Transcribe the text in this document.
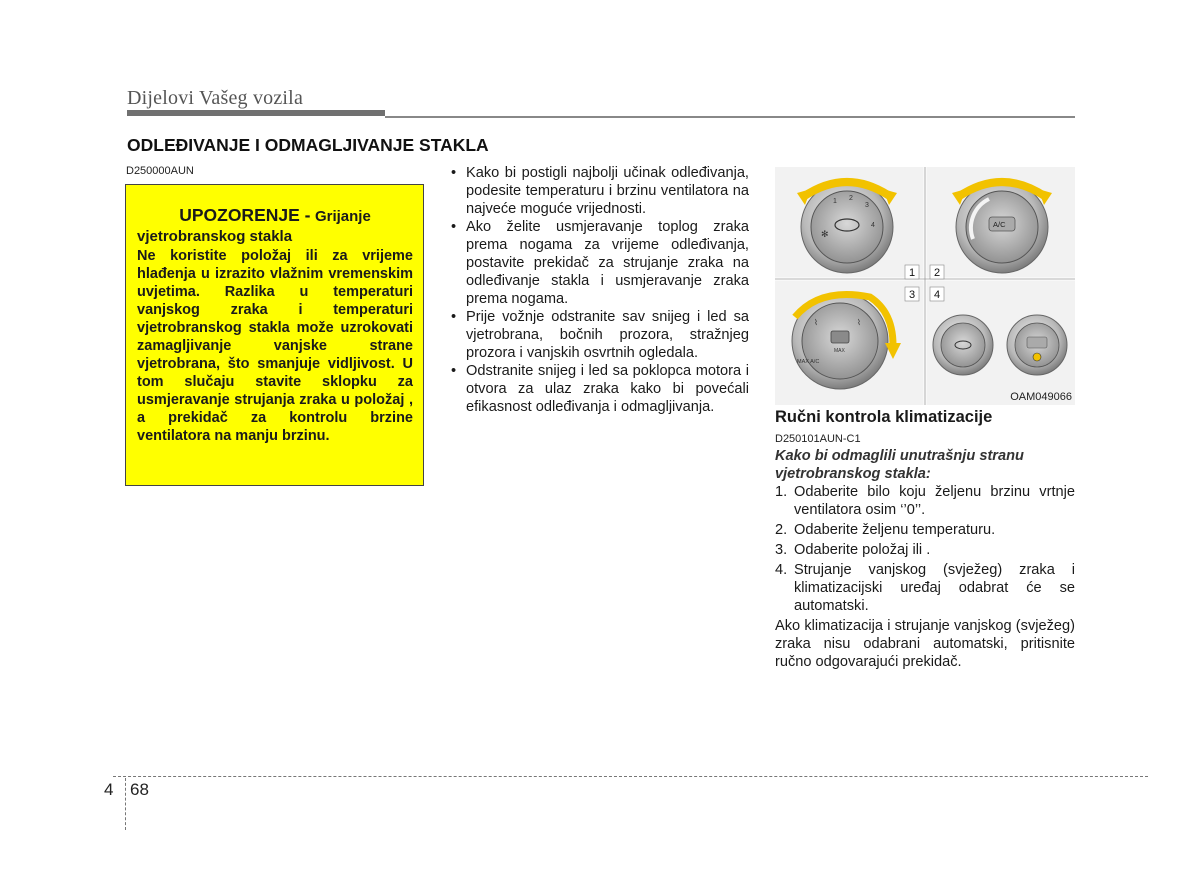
Dijelovi Vašeg vozila
ODLEĐIVANJE I ODMAGLJIVANJE STAKLA
D250000AUN
UPOZORENJE - Grijanje
vjetrobranskog stakla

Ne koristite položaj ili za vrijeme hlađenja u izrazito vlažnim vremenskim uvjetima. Razlika u temperaturi vanjskog zraka i temperaturi vjetrobranskog stakla može uzrokovati zamagljivanje vanjske strane vjetrobrana, što smanjuje vidljivost. U tom slučaju stavite sklopku za usmjeravanje strujanja zraka u položaj , a prekidač za kontrolu brzine ventilatora na manju brzinu.

• Kako bi postigli najbolji učinak odleđivanja, podesite temperaturu i brzinu ventilatora na najveće moguće vrijednosti.
• Ako želite usmjeravanje toplog zraka prema nogama za vrijeme odleđivanja, postavite prekidač za strujanje zraka na odleđivanje stakla i usmjeravanje zraka prema nogama.
• Prije vožnje odstranite sav snijeg i led sa vjetrobrana, bočnih prozora, stražnjeg prozora i vanjskih osvrtnih ogledala.
• Odstranite snijeg i led sa poklopca motora i otvora za ulaz zraka kako bi povećali efikasnost odleđivanja i odmagljivanja.
1 2
3
4
✻
A/C
1 2
3 4
MAX
⌇	⌇
MAX A/C
OAM049066
Ručni kontrola klimatizacije
D250101AUN-C1
Kako bi odmaglili unutrašnju stranu vjetrobranskog stakla:
1. Odaberite bilo koju željenu brzinu vrtnje ventilatora osim ‘’0’’.
2. Odaberite željenu temperaturu.
3. Odaberite položaj ili .
4. Strujanje vanjskog (svježeg) zraka i klimatizacijski uređaj odabrat će se automatski.

Ako klimatizacija i strujanje vanjskog (svježeg) zraka nisu odabrani automatski, pritisnite ručno odgovarajući prekidač.

4 68
